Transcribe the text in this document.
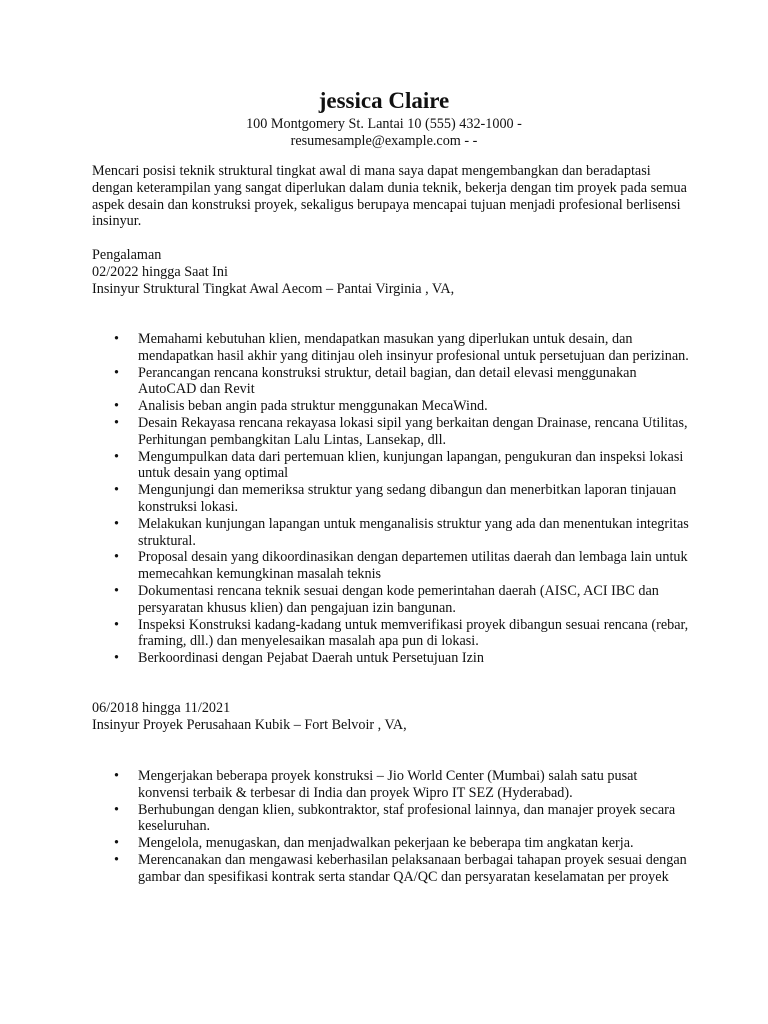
jessica Claire

100 Montgomery St. Lantai 10 (555) 432-1000 -

resumesample@example.com - -

Mencari posisi teknik struktural tingkat awal di mana saya dapat mengembangkan dan beradaptasi dengan keterampilan yang sangat diperlukan dalam dunia teknik, bekerja dengan tim proyek pada semua aspek desain dan konstruksi proyek, sekaligus berupaya mencapai tujuan menjadi profesional berlisensi insinyur.

Pengalaman

02/2022 hingga Saat Ini

Insinyur Struktural Tingkat Awal Aecom – Pantai Virginia , VA,

• Memahami kebutuhan klien, mendapatkan masukan yang diperlukan untuk desain, dan mendapatkan hasil akhir yang ditinjau oleh insinyur profesional untuk persetujuan dan perizinan.
• Perancangan rencana konstruksi struktur, detail bagian, dan detail elevasi menggunakan AutoCAD dan Revit
• Analisis beban angin pada struktur menggunakan MecaWind.
• Desain Rekayasa rencana rekayasa lokasi sipil yang berkaitan dengan Drainase, rencana Utilitas, Perhitungan pembangkitan Lalu Lintas, Lansekap, dll.
• Mengumpulkan data dari pertemuan klien, kunjungan lapangan, pengukuran dan inspeksi lokasi untuk desain yang optimal
• Mengunjungi dan memeriksa struktur yang sedang dibangun dan menerbitkan laporan tinjauan konstruksi lokasi.
• Melakukan kunjungan lapangan untuk menganalisis struktur yang ada dan menentukan integritas struktural.
• Proposal desain yang dikoordinasikan dengan departemen utilitas daerah dan lembaga lain untuk memecahkan kemungkinan masalah teknis
• Dokumentasi rencana teknik sesuai dengan kode pemerintahan daerah (AISC, ACI IBC dan persyaratan khusus klien) dan pengajuan izin bangunan.
• Inspeksi Konstruksi kadang-kadang untuk memverifikasi proyek dibangun sesuai rencana (rebar, framing, dll.) dan menyelesaikan masalah apa pun di lokasi.
• Berkoordinasi dengan Pejabat Daerah untuk Persetujuan Izin

06/2018 hingga 11/2021

Insinyur Proyek Perusahaan Kubik – Fort Belvoir , VA,

• Mengerjakan beberapa proyek konstruksi – Jio World Center (Mumbai) salah satu pusat konvensi terbaik & terbesar di India dan proyek Wipro IT SEZ (Hyderabad).
• Berhubungan dengan klien, subkontraktor, staf profesional lainnya, dan manajer proyek secara keseluruhan.
• Mengelola, menugaskan, dan menjadwalkan pekerjaan ke beberapa tim angkatan kerja.
• Merencanakan dan mengawasi keberhasilan pelaksanaan berbagai tahapan proyek sesuai dengan gambar dan spesifikasi kontrak serta standar QA/QC dan persyaratan keselamatan per proyek
